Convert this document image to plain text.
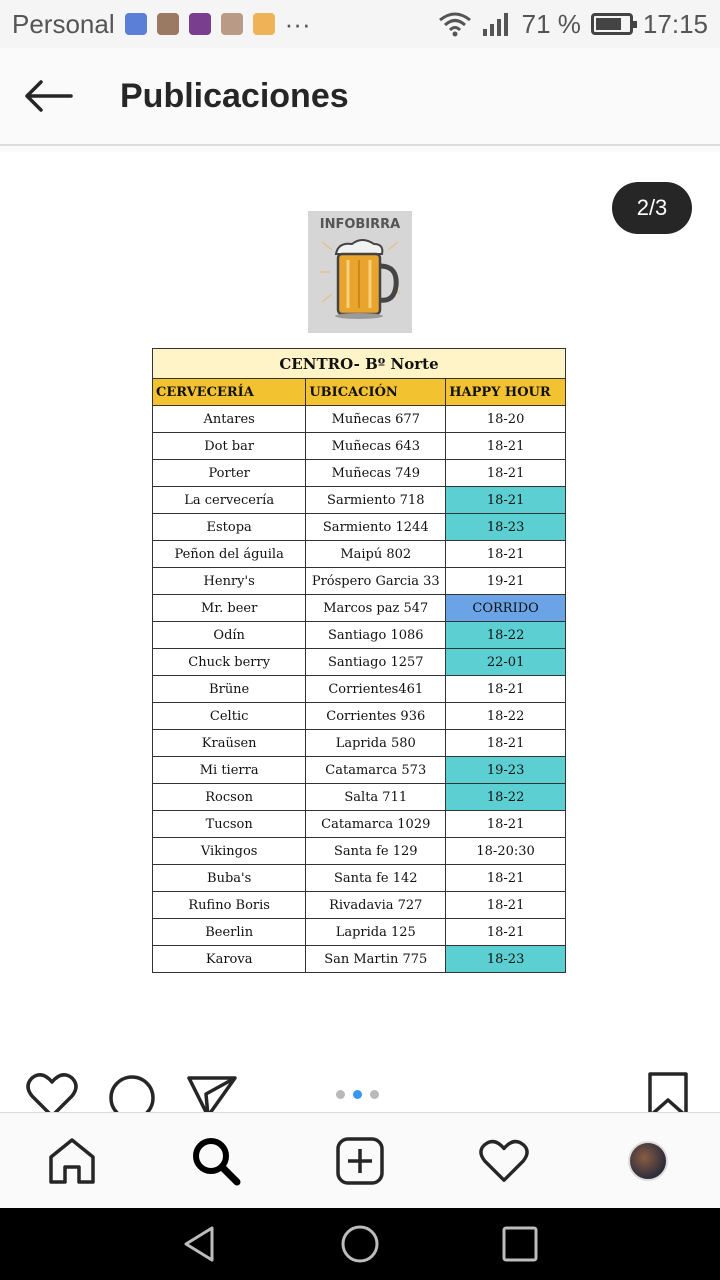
Personal	···	71 % 17:15
Publicaciones
2/3
INFOBIRRA
CENTRO- Bº Norte		
CERVECERÍA	UBICACIÓN	HAPPY HOUR
Antares	Muñecas 677	18-20
Dot bar	Muñecas 643	18-21
Porter	Muñecas 749	18-21
La cervecería	Sarmiento 718	18-21
Estopa	Sarmiento 1244	18-23
Peñon del águila	Maipú 802	18-21
Henry's	Próspero Garcia 33	19-21
Mr. beer	Marcos paz 547	CORRIDO
Odín	Santiago 1086	18-22
Chuck berry	Santiago 1257	22-01
Brüne	Corrientes461	18-21
Celtic	Corrientes 936	18-22
Kraüsen	Laprida 580	18-21
Mi tierra	Catamarca 573	19-23
Rocson	Salta 711	18-22
Tucson	Catamarca 1029	18-21
Vikingos	Santa fe 129	18-20:30
Buba's	Santa fe 142	18-21
Rufino Boris	Rivadavia 727	18-21
Beerlin	Laprida 125	18-21
Karova	San Martin 775	18-23
